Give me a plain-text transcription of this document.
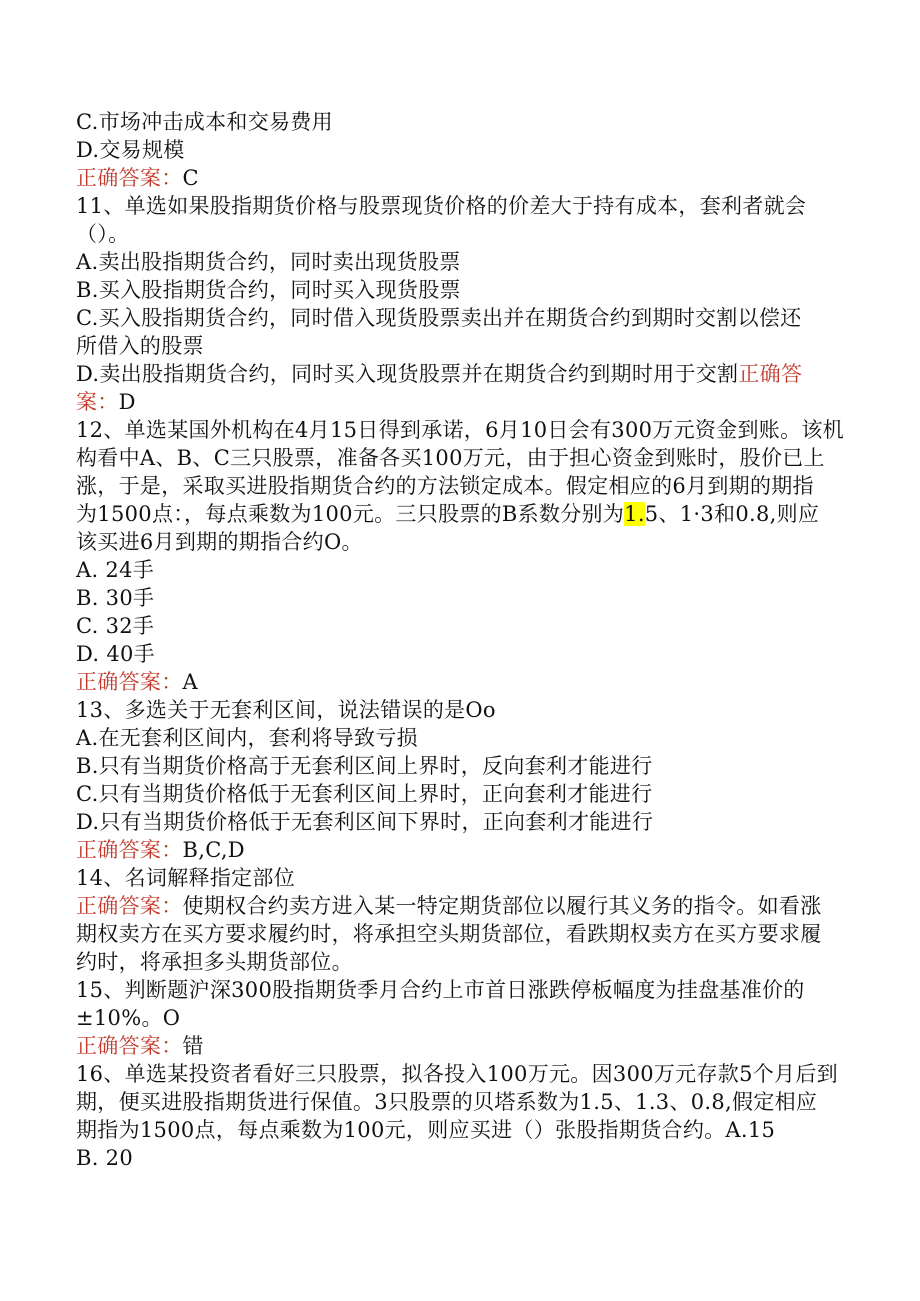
C.市场冲击成本和交易费用
D.交易规模
正确答案：C
11、单选如果股指期货价格与股票现货价格的价差大于持有成本，套利者就会
（）。
A.卖出股指期货合约，同时卖出现货股票
B.买入股指期货合约，同时买入现货股票
C.买入股指期货合约，同时借入现货股票卖出并在期货合约到期时交割以偿还
所借入的股票
D.卖出股指期货合约，同时买入现货股票并在期货合约到期时用于交割正确答
案：D
12、单选某国外机构在4月15日得到承诺，6月10日会有300万元资金到账。该机
构看中A、B、C三只股票，准备各买100万元，由于担心资金到账时，股价已上
涨，于是，采取买进股指期货合约的方法锁定成本。假定相应的6月到期的期指
为1500点：，每点乘数为100元。三只股票的B系数分别为1.5、1·3和0.8,则应
该买进6月到期的期指合约O。
A. 24手
B. 30手
C. 32手
D. 40手
正确答案：A
13、多选关于无套利区间，说法错误的是Oo
A.在无套利区间内，套利将导致亏损
B.只有当期货价格高于无套利区间上界时，反向套利才能进行
C.只有当期货价格低于无套利区间上界时，正向套利才能进行
D.只有当期货价格低于无套利区间下界时，正向套利才能进行
正确答案：B,C,D
14、名词解释指定部位
正确答案：使期权合约卖方进入某一特定期货部位以履行其义务的指令。如看涨
期权卖方在买方要求履约时，将承担空头期货部位，看跌期权卖方在买方要求履
约时，将承担多头期货部位。
15、判断题沪深300股指期货季月合约上市首日涨跌停板幅度为挂盘基准价的
±10%。O
正确答案：错
16、单选某投资者看好三只股票，拟各投入100万元。因300万元存款5个月后到
期，便买进股指期货进行保值。3只股票的贝塔系数为1.5、1.3、0.8,假定相应
期指为1500点，每点乘数为100元，则应买进（）张股指期货合约。A.15
B. 20
